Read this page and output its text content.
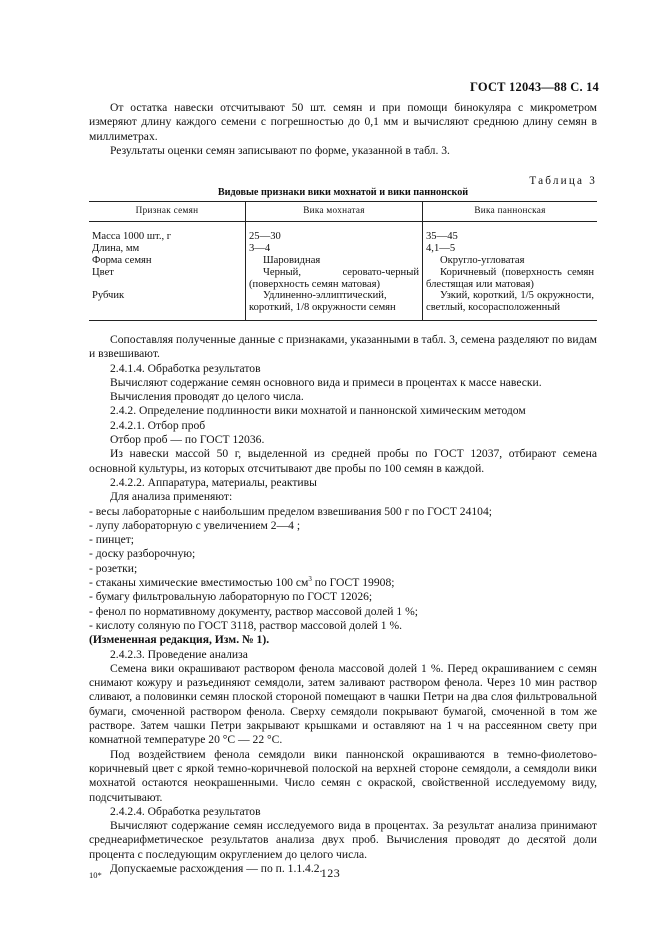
ГОСТ 12043—88 С. 14

От остатка навески отсчитывают 50 шт. семян и при помощи бинокуляра с микрометром измеряют длину каждого семени с погрешностью до 0,1 мм и вычисляют среднюю длину семян в миллиметрах.

Результаты оценки семян записывают по форме, указанной в табл. 3.

Таблица 3
Видовые признаки вики мохнатой и вики паннонской
Признак семян	Вика мохнатая	Вика паннонская
Масса 1000 шт., г	25—30	35—45
Длина, мм	3—4	4,1—5
Форма семян	Шаровидная	Округло-угловатая
Цвет	Черный, серовато-черный (поверхность семян матовая)	Коричневый (поверхность семян блестящая или матовая)
Рубчик	Удлиненно-эллиптический, короткий, 1/8 окружности семян	Узкий, короткий, 1/5 окружности, светлый, косорасположенный

Сопоставляя полученные данные с признаками, указанными в табл. 3, семена разделяют по видам и взвешивают.

2.4.1.4. Обработка результатов

Вычисляют содержание семян основного вида и примеси в процентах к массе навески.

Вычисления проводят до целого числа.

2.4.2. Определение подлинности вики мохнатой и паннонской химическим методом

2.4.2.1. Отбор проб

Отбор проб — по ГОСТ 12036.

Из навески массой 50 г, выделенной из средней пробы по ГОСТ 12037, отбирают семена основной культуры, из которых отсчитывают две пробы по 100 семян в каждой.

2.4.2.2. Аппаратура, материалы, реактивы

Для анализа применяют:

- весы лабораторные с наибольшим пределом взвешивания 500 г по ГОСТ 24104;

- лупу лабораторную с увеличением 2—4 ;

- пинцет;

- доску разборочную;

- розетки;

- стаканы химические вместимостью 100 $см^3$ по ГОСТ 19908;

- бумагу фильтровальную лабораторную по ГОСТ 12026;

- фенол по нормативному документу, раствор массовой долей 1 %;

- кислоту соляную по ГОСТ 3118, раствор массовой долей 1 %.

(Измененная редакция, Изм. № 1).

2.4.2.3. Проведение анализа

Семена вики окрашивают раствором фенола массовой долей 1 %. Перед окрашиванием с семян снимают кожуру и разъединяют семядоли, затем заливают раствором фенола. Через 10 мин раствор сливают, а половинки семян плоской стороной помещают в чашки Петри на два слоя фильтровальной бумаги, смоченной раствором фенола. Сверху семядоли покрывают бумагой, смоченной в том же растворе. Затем чашки Петри закрывают крышками и оставляют на 1 ч на рассеянном свету при комнатной температуре 20 °С — 22 °С.

Под воздействием фенола семядоли вики паннонской окрашиваются в темно-фиолетово-коричневый цвет с яркой темно-коричневой полоской на верхней стороне семядоли, а семядоли вики мохнатой остаются неокрашенными. Число семян с окраской, свойственной исследуемому виду, подсчитывают.

2.4.2.4. Обработка результатов

Вычисляют содержание семян исследуемого вида в процентах. За результат анализа принимают среднеарифметическое результатов анализа двух проб. Вычисления проводят до десятой доли процента с последующим округлением до целого числа.

Допускаемые расхождения — по п. 1.1.4.2.

10*	123
